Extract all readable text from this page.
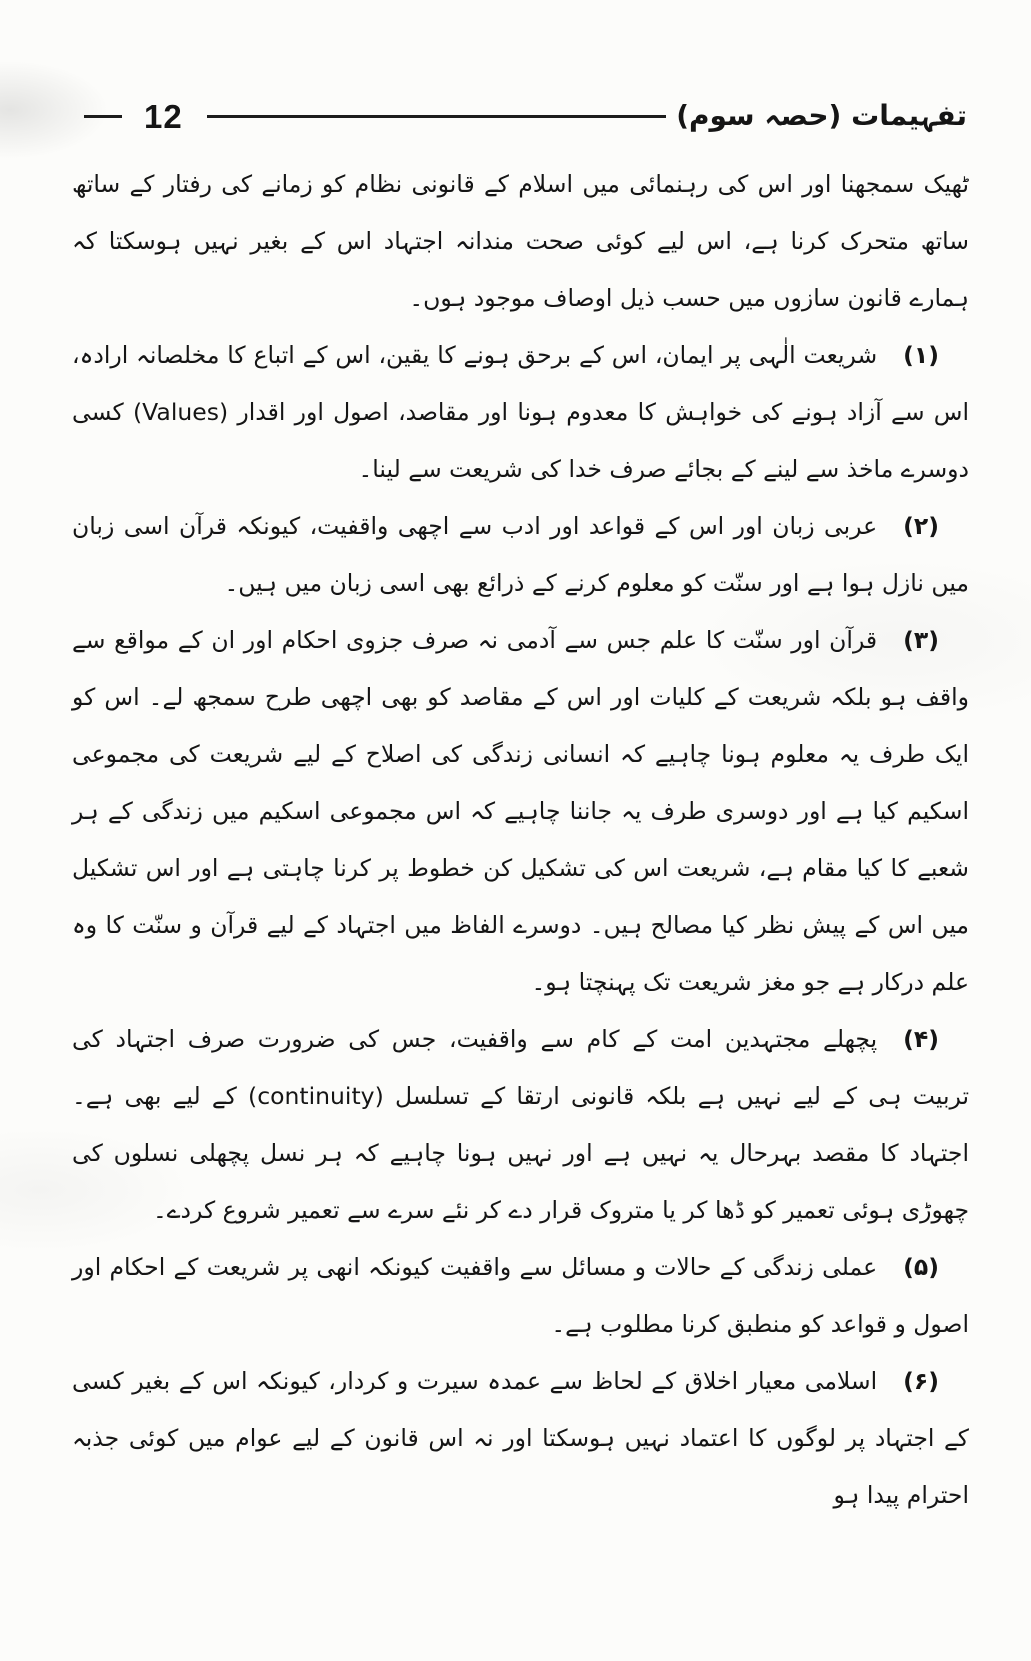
12	تفہیمات (حصہ سوم)

ٹھیک سمجھنا اور اس کی رہنمائی میں اسلام کے قانونی نظام کو زمانے کی رفتار کے ساتھ ساتھ متحرک کرنا ہے، اس لیے کوئی صحت مندانہ اجتہاد اس کے بغیر نہیں ہوسکتا کہ ہمارے قانون سازوں میں حسب ذیل اوصاف موجود ہوں۔

(۱)شریعت الٰہی پر ایمان، اس کے برحق ہونے کا یقین، اس کے اتباع کا مخلصانہ ارادہ، اس سے آزاد ہونے کی خواہش کا معدوم ہونا اور مقاصد، اصول اور اقدار (Values) کسی دوسرے ماخذ سے لینے کے بجائے صرف خدا کی شریعت سے لینا۔

(۲)عربی زبان اور اس کے قواعد اور ادب سے اچھی واقفیت، کیونکہ قرآن اسی زبان میں نازل ہوا ہے اور سنّت کو معلوم کرنے کے ذرائع بھی اسی زبان میں ہیں۔

(۳)قرآن اور سنّت کا علم جس سے آدمی نہ صرف جزوی احکام اور ان کے مواقع سے واقف ہو بلکہ شریعت کے کلیات اور اس کے مقاصد کو بھی اچھی طرح سمجھ لے۔ اس کو ایک طرف یہ معلوم ہونا چاہیے کہ انسانی زندگی کی اصلاح کے لیے شریعت کی مجموعی اسکیم کیا ہے اور دوسری طرف یہ جاننا چاہیے کہ اس مجموعی اسکیم میں زندگی کے ہر شعبے کا کیا مقام ہے، شریعت اس کی تشکیل کن خطوط پر کرنا چاہتی ہے اور اس تشکیل میں اس کے پیش نظر کیا مصالح ہیں۔ دوسرے الفاظ میں اجتہاد کے لیے قرآن و سنّت کا وہ علم درکار ہے جو مغز شریعت تک پہنچتا ہو۔

(۴)پچھلے مجتہدین امت کے کام سے واقفیت، جس کی ضرورت صرف اجتہاد کی تربیت ہی کے لیے نہیں ہے بلکہ قانونی ارتقا کے تسلسل (continuity) کے لیے بھی ہے۔ اجتہاد کا مقصد بہرحال یہ نہیں ہے اور نہیں ہونا چاہیے کہ ہر نسل پچھلی نسلوں کی چھوڑی ہوئی تعمیر کو ڈھا کر یا متروک قرار دے کر نئے سرے سے تعمیر شروع کردے۔

(۵)عملی زندگی کے حالات و مسائل سے واقفیت کیونکہ انھی پر شریعت کے احکام اور اصول و قواعد کو منطبق کرنا مطلوب ہے۔

(۶)اسلامی معیار اخلاق کے لحاظ سے عمدہ سیرت و کردار، کیونکہ اس کے بغیر کسی کے اجتہاد پر لوگوں کا اعتماد نہیں ہوسکتا اور نہ اس قانون کے لیے عوام میں کوئی جذبہ احترام پیدا ہو
